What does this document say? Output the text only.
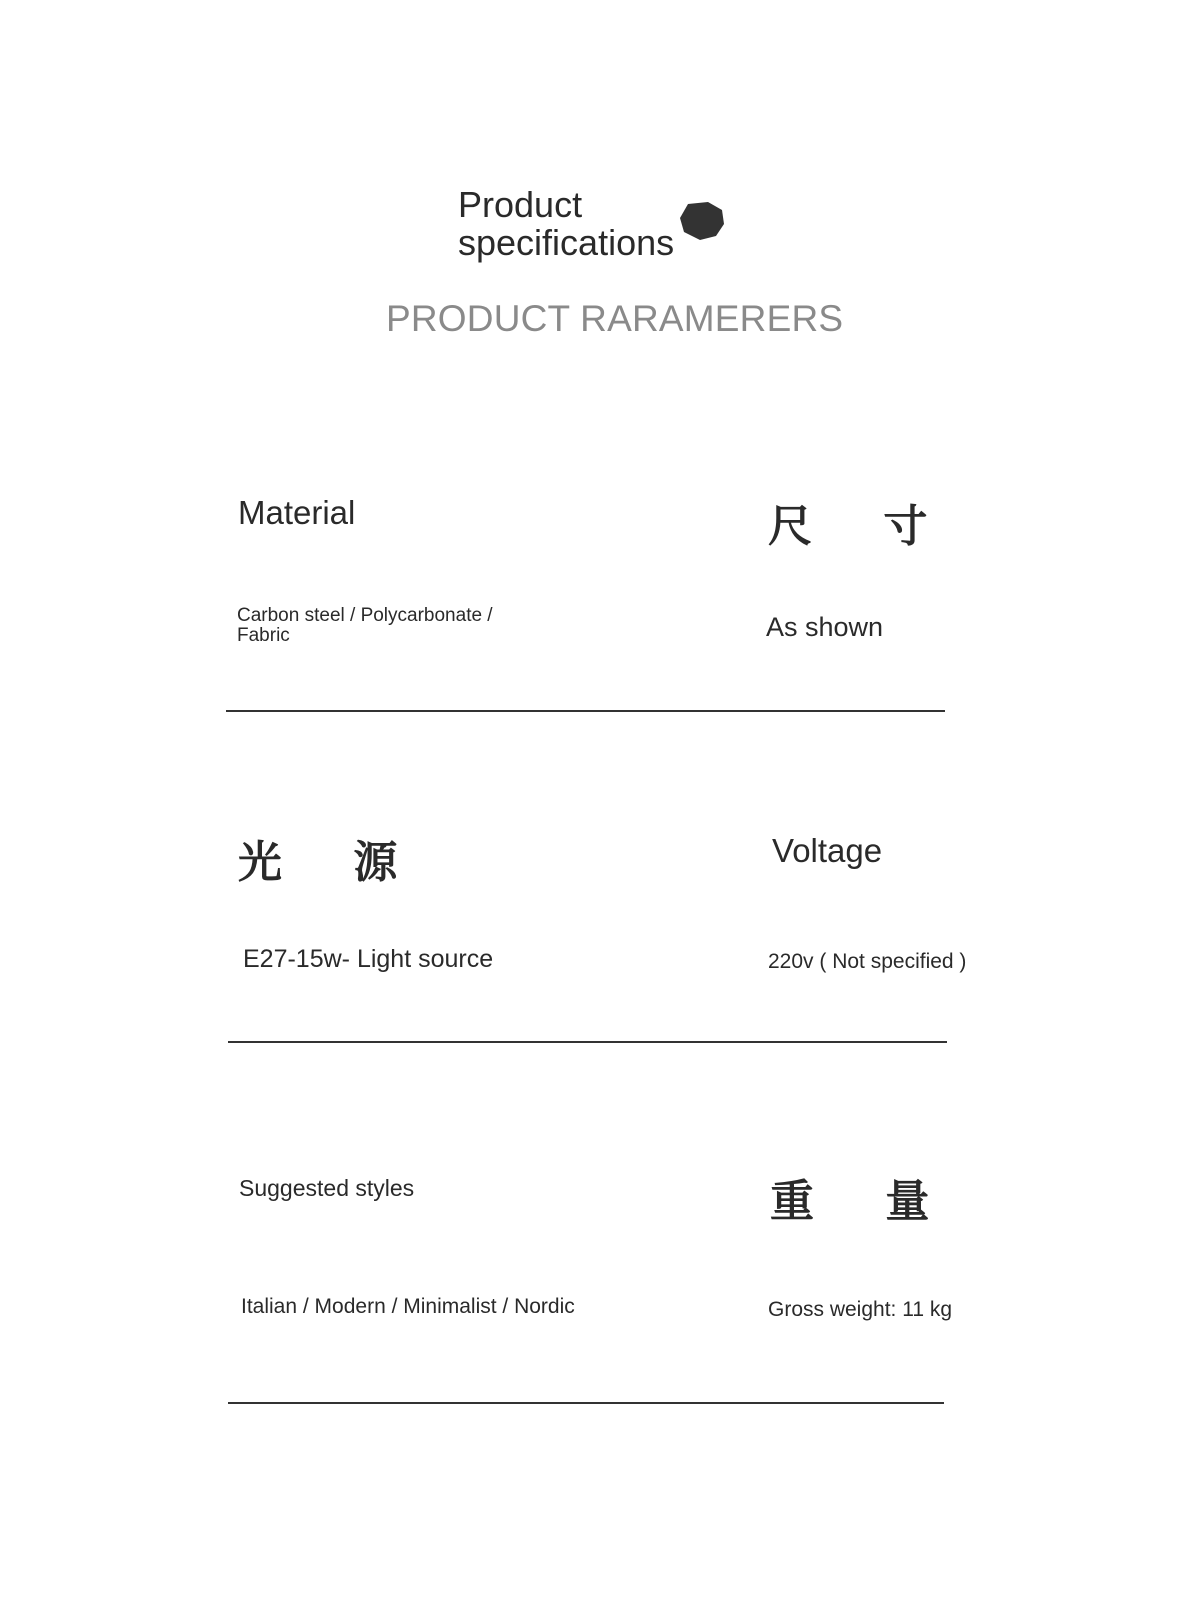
Product
specifications
PRODUCT RARAMERERS
Material
Carbon steel / Polycarbonate / Fabric
尺 寸
As shown
光 源
E27-15w- Light source
Voltage
220v ( Not specified )
Suggested styles
Italian / Modern / Minimalist / Nordic
重 量
Gross weight: 11 kg
